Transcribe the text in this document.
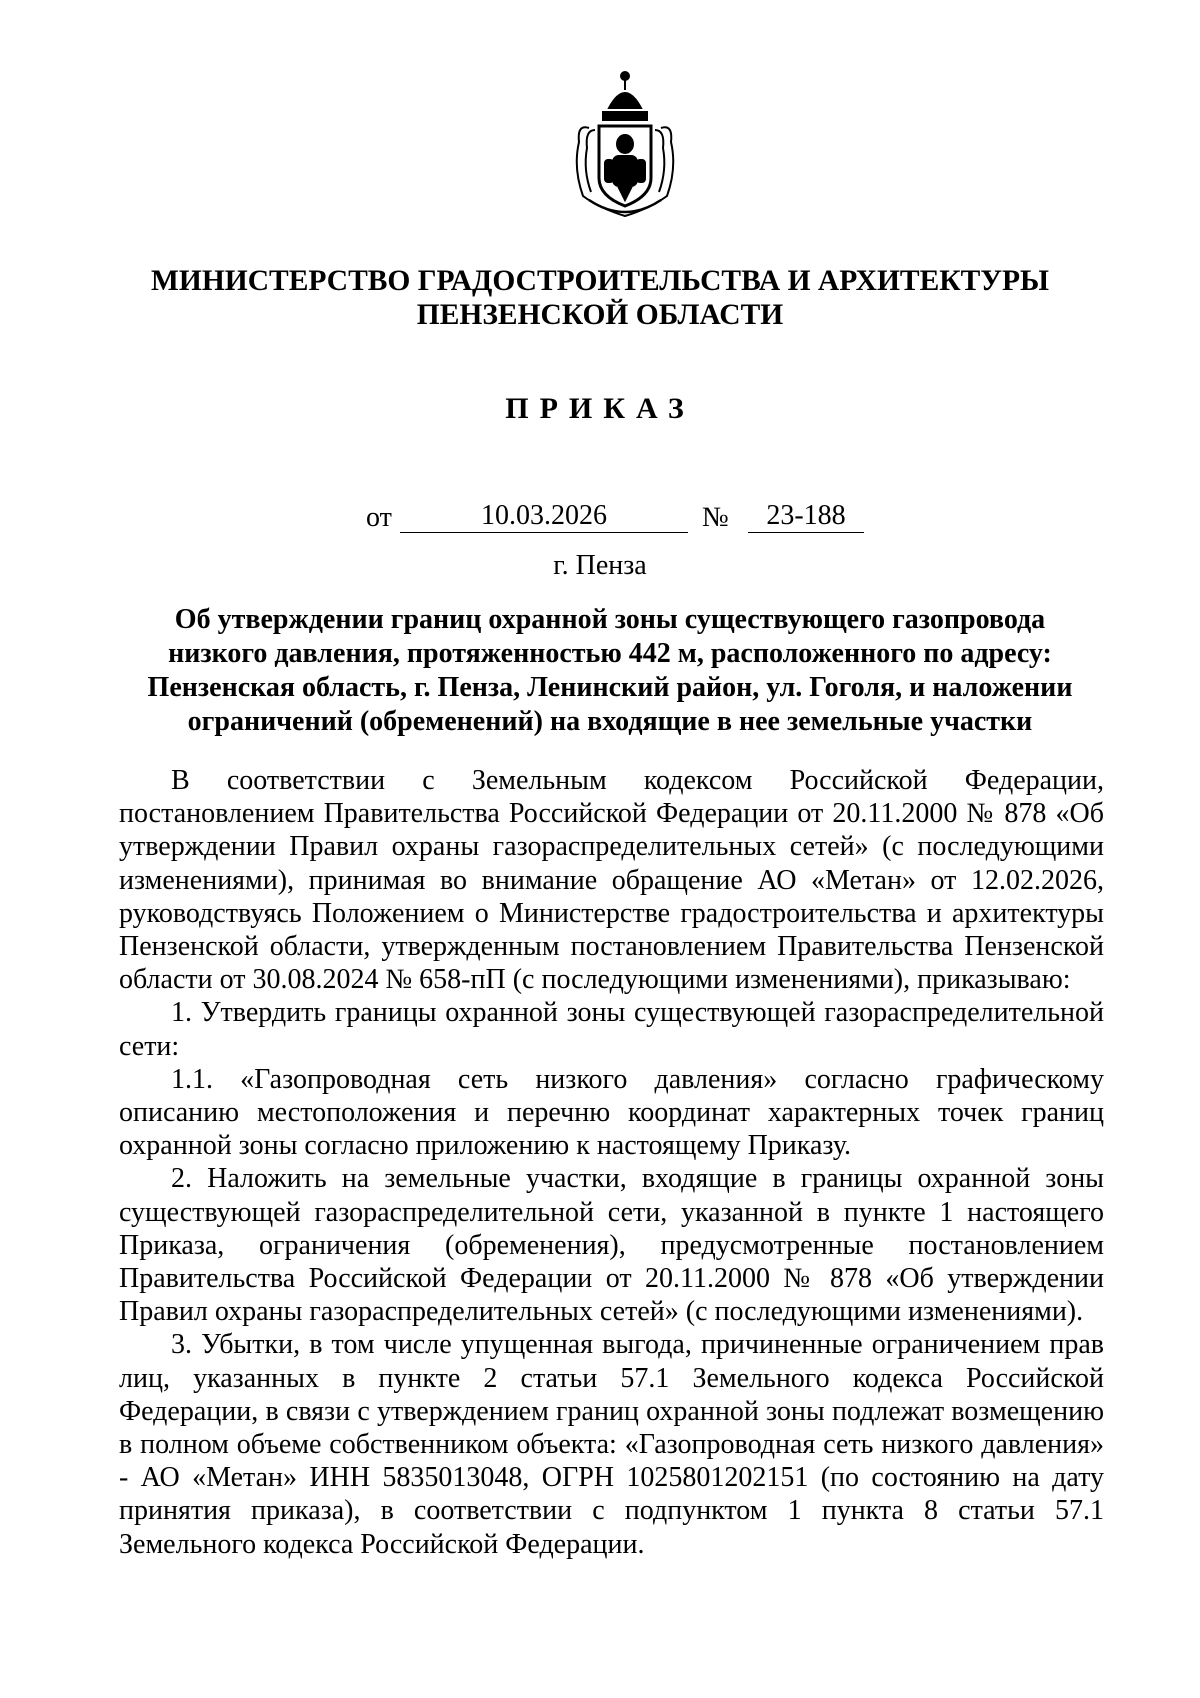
МИНИСТЕРСТВО ГРАДОСТРОИТЕЛЬСТВА И АРХИТЕКТУРЫ
ПЕНЗЕНСКОЙ ОБЛАСТИ
ПРИКАЗ
от	10.03.2026	№	23-188
г. Пенза
Об утверждении границ охранной зоны существующего газопровода низкого давления, протяженностью 442 м, расположенного по адресу: Пензенская область, г. Пенза, Ленинский район, ул. Гоголя, и наложении ограничений (обременений) на входящие в нее земельные участки

В соответствии с Земельным кодексом Российской Федерации, постановлением Правительства Российской Федерации от 20.11.2000 № 878 «Об утверждении Правил охраны газораспределительных сетей» (с последующими изменениями), принимая во внимание обращение АО «Метан» от 12.02.2026, руководствуясь Положением о Министерстве градостроительства и архитектуры Пензенской области, утвержденным постановлением Правительства Пензенской области от 30.08.2024 № 658-пП (с последующими изменениями), приказываю:

1. Утвердить границы охранной зоны существующей газораспределительной сети:

1.1. «Газопроводная сеть низкого давления» согласно графическому описанию местоположения и перечню координат характерных точек границ охранной зоны согласно приложению к настоящему Приказу.

2. Наложить на земельные участки, входящие в границы охранной зоны существующей газораспределительной сети, указанной в пункте 1 настоящего Приказа, ограничения (обременения), предусмотренные постановлением Правительства Российской Федерации от 20.11.2000 № 878 «Об утверждении Правил охраны газораспределительных сетей» (с последующими изменениями).

3. Убытки, в том числе упущенная выгода, причиненные ограничением прав лиц, указанных в пункте 2 статьи 57.1 Земельного кодекса Российской Федерации, в связи с утверждением границ охранной зоны подлежат возмещению в полном объеме собственником объекта: «Газопроводная сеть низкого давления» - АО «Метан» ИНН 5835013048, ОГРН 1025801202151 (по состоянию на дату принятия приказа), в соответствии с подпунктом 1 пункта 8 статьи 57.1 Земельного кодекса Российской Федерации.
